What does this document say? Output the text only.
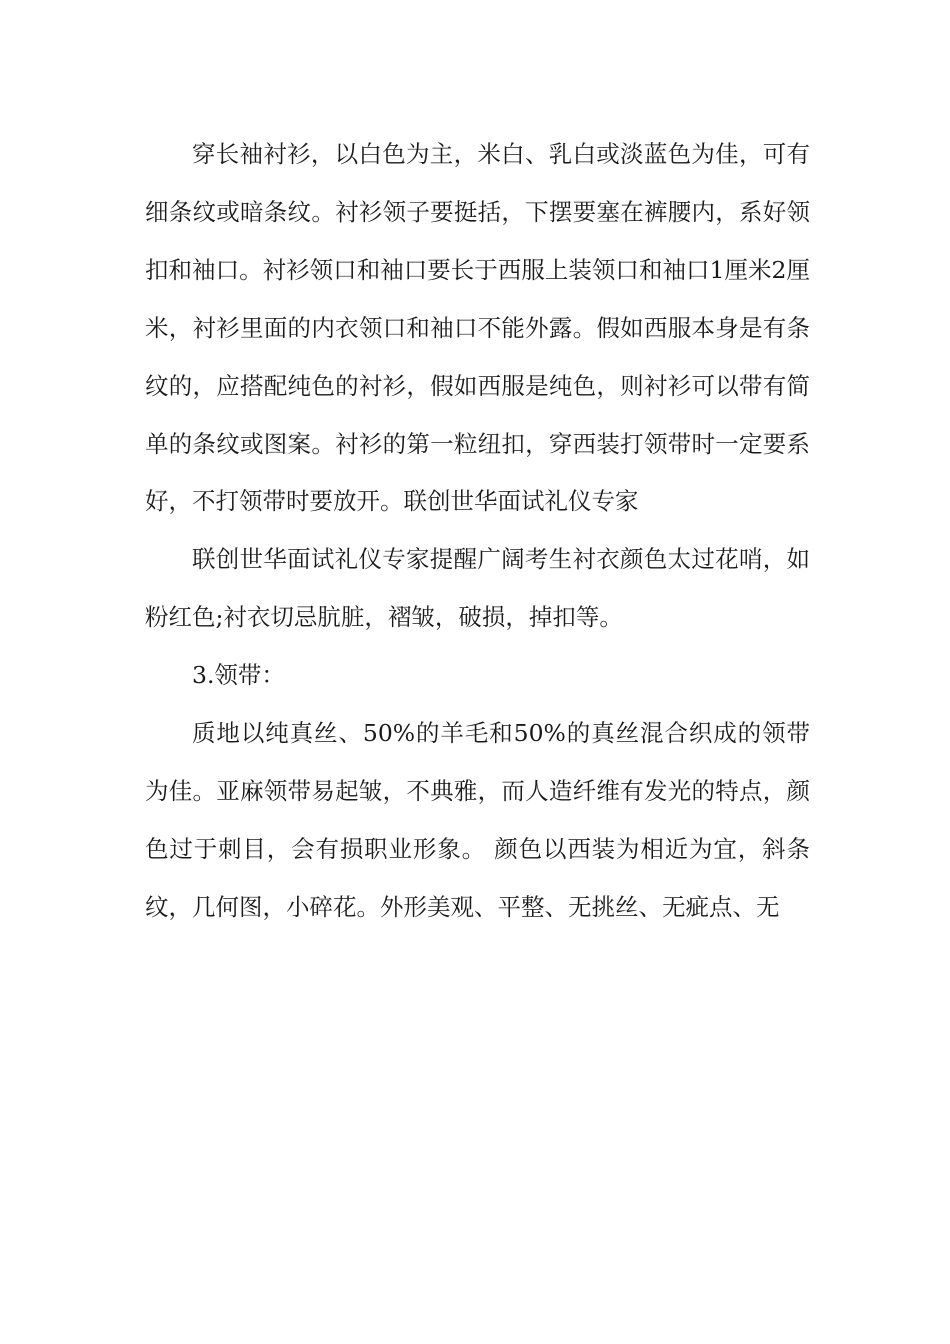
穿长袖衬衫，以白色为主，米白、乳白或淡蓝色为佳，可有细条纹或暗条纹。衬衫领子要挺括，下摆要塞在裤腰内，系好领扣和袖口。衬衫领口和袖口要长于西服上装领口和袖口1厘米2厘米，衬衫里面的内衣领口和袖口不能外露。假如西服本身是有条纹的，应搭配纯色的衬衫，假如西服是纯色，则衬衫可以带有简单的条纹或图案。衬衫的第一粒纽扣，穿西装打领带时一定要系好，不打领带时要放开。联创世华面试礼仪专家

联创世华面试礼仪专家提醒广阔考生衬衣颜色太过花哨，如粉红色;衬衣切忌肮脏，褶皱，破损，掉扣等。

3.领带：

质地以纯真丝、50%的羊毛和50%的真丝混合织成的领带为佳。亚麻领带易起皱，不典雅，而人造纤维有发光的特点，颜色过于刺目，会有损职业形象。 颜色以西装为相近为宜，斜条纹，几何图，小碎花。外形美观、平整、无挑丝、无疵点、无
